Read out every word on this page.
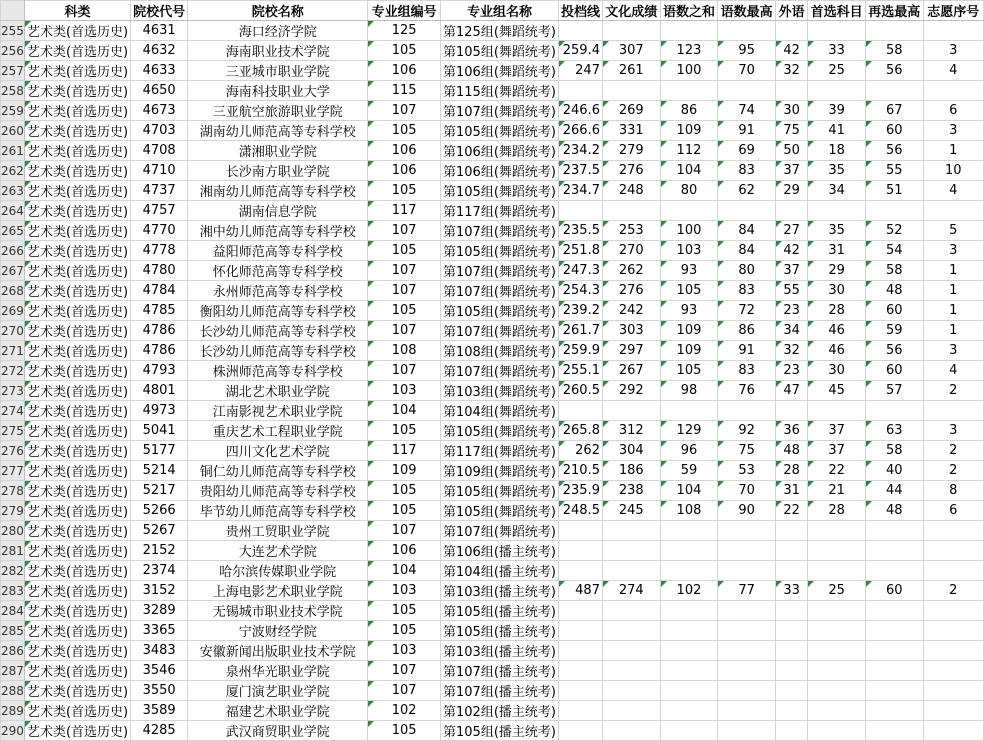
	科类	院校代号	院校名称	专业组编号	专业组名称	投档线	文化成绩	语数之和	语数最高	外语	首选科目	再选最高	志愿序号
255	艺术类(首选历史)	4631	海口经济学院	125	第125组(舞蹈统考)								
256	艺术类(首选历史)	4632	海南职业技术学院	105	第105组(舞蹈统考)	259.4	307	123	95	42	33	58	3
257	艺术类(首选历史)	4633	三亚城市职业学院	106	第106组(舞蹈统考)	247	261	100	70	32	25	56	4
258	艺术类(首选历史)	4650	海南科技职业大学	115	第115组(舞蹈统考)								
259	艺术类(首选历史)	4673	三亚航空旅游职业学院	107	第107组(舞蹈统考)	246.6	269	86	74	30	39	67	6
260	艺术类(首选历史)	4703	湖南幼儿师范高等专科学校	105	第105组(舞蹈统考)	266.6	331	109	91	75	41	60	3
261	艺术类(首选历史)	4708	潇湘职业学院	106	第106组(舞蹈统考)	234.2	279	112	69	50	18	56	1
262	艺术类(首选历史)	4710	长沙南方职业学院	106	第106组(舞蹈统考)	237.5	276	104	83	37	35	55	10
263	艺术类(首选历史)	4737	湘南幼儿师范高等专科学校	105	第105组(舞蹈统考)	234.7	248	80	62	29	34	51	4
264	艺术类(首选历史)	4757	湖南信息学院	117	第117组(舞蹈统考)								
265	艺术类(首选历史)	4770	湘中幼儿师范高等专科学校	107	第107组(舞蹈统考)	235.5	253	100	84	27	35	52	5
266	艺术类(首选历史)	4778	益阳师范高等专科学校	105	第105组(舞蹈统考)	251.8	270	103	84	42	31	54	3
267	艺术类(首选历史)	4780	怀化师范高等专科学校	107	第107组(舞蹈统考)	247.3	262	93	80	37	29	58	1
268	艺术类(首选历史)	4784	永州师范高等专科学校	107	第107组(舞蹈统考)	254.3	276	105	83	55	30	48	1
269	艺术类(首选历史)	4785	衡阳幼儿师范高等专科学校	105	第105组(舞蹈统考)	239.2	242	93	72	23	28	60	1
270	艺术类(首选历史)	4786	长沙幼儿师范高等专科学校	107	第107组(舞蹈统考)	261.7	303	109	86	34	46	59	1
271	艺术类(首选历史)	4786	长沙幼儿师范高等专科学校	108	第108组(舞蹈统考)	259.9	297	109	91	32	46	56	3
272	艺术类(首选历史)	4793	株洲师范高等专科学校	107	第107组(舞蹈统考)	255.1	267	105	83	23	30	60	4
273	艺术类(首选历史)	4801	湖北艺术职业学院	103	第103组(舞蹈统考)	260.5	292	98	76	47	45	57	2
274	艺术类(首选历史)	4973	江南影视艺术职业学院	104	第104组(舞蹈统考)								
275	艺术类(首选历史)	5041	重庆艺术工程职业学院	105	第105组(舞蹈统考)	265.8	312	129	92	36	37	63	3
276	艺术类(首选历史)	5177	四川文化艺术学院	117	第117组(舞蹈统考)	262	304	96	75	48	37	58	2
277	艺术类(首选历史)	5214	铜仁幼儿师范高等专科学校	109	第109组(舞蹈统考)	210.5	186	59	53	28	22	40	2
278	艺术类(首选历史)	5217	贵阳幼儿师范高等专科学校	105	第105组(舞蹈统考)	235.9	238	104	70	31	21	44	8
279	艺术类(首选历史)	5266	毕节幼儿师范高等专科学校	105	第105组(舞蹈统考)	248.5	245	108	90	22	28	48	6
280	艺术类(首选历史)	5267	贵州工贸职业学院	107	第107组(舞蹈统考)								
281	艺术类(首选历史)	2152	大连艺术学院	106	第106组(播主统考)								
282	艺术类(首选历史)	2374	哈尔滨传媒职业学院	104	第104组(播主统考)								
283	艺术类(首选历史)	3152	上海电影艺术职业学院	103	第103组(播主统考)	487	274	102	77	33	25	60	2
284	艺术类(首选历史)	3289	无锡城市职业技术学院	105	第105组(播主统考)								
285	艺术类(首选历史)	3365	宁波财经学院	105	第105组(播主统考)								
286	艺术类(首选历史)	3483	安徽新闻出版职业技术学院	103	第103组(播主统考)								
287	艺术类(首选历史)	3546	泉州华光职业学院	107	第107组(播主统考)								
288	艺术类(首选历史)	3550	厦门演艺职业学院	107	第107组(播主统考)								
289	艺术类(首选历史)	3589	福建艺术职业学院	102	第102组(播主统考)								
290	艺术类(首选历史)	4285	武汉商贸职业学院	105	第105组(播主统考)								
